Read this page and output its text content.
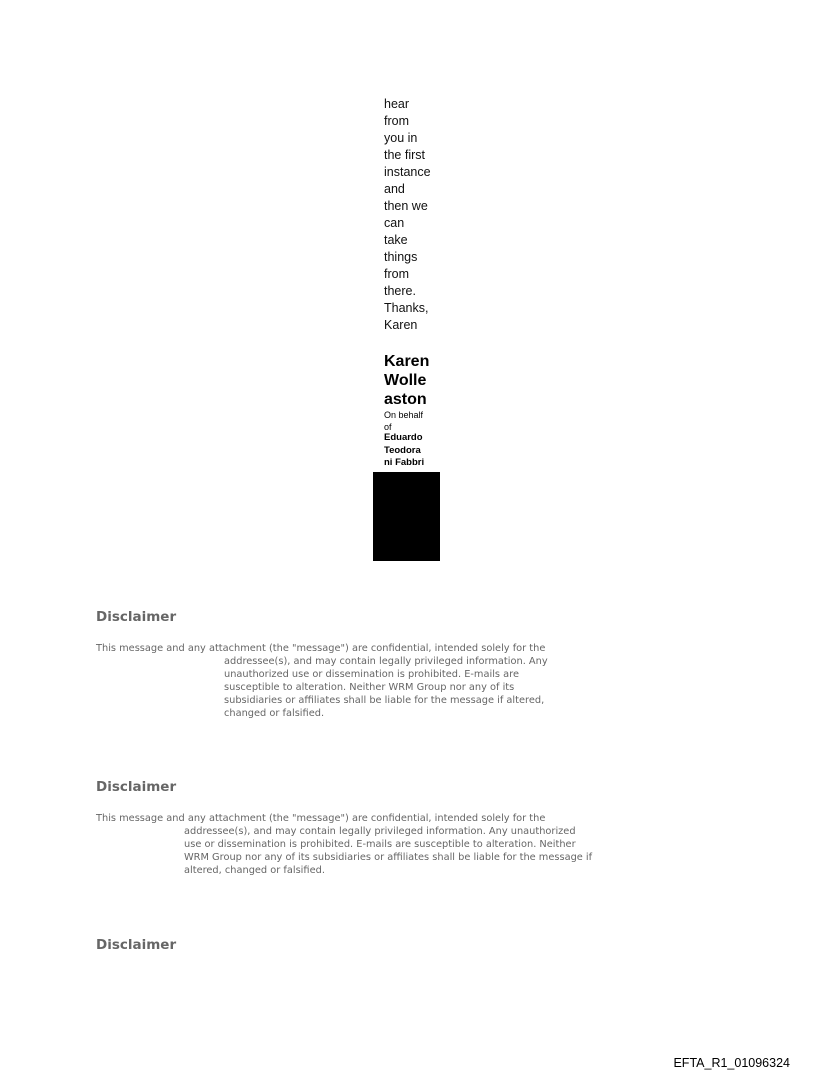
hear
from
you in
the first
instance
and
then we
can
take
things
from
there.
Thanks,
Karen
Karen
Wolle
aston
On behalf
of
Eduardo
Teodora
ni Fabbri
Disclaimer
This message and any attachment (the "message") are confidential, intended solely for the
addressee(s), and may contain legally privileged information. Any
unauthorized use or dissemination is prohibited. E-mails are
susceptible to alteration. Neither WRM Group nor any of its
subsidiaries or affiliates shall be liable for the message if altered,
changed or falsified.
Disclaimer
This message and any attachment (the "message") are confidential, intended solely for the
addressee(s), and may contain legally privileged information. Any unauthorized
use or dissemination is prohibited. E-mails are susceptible to alteration. Neither
WRM Group nor any of its subsidiaries or affiliates shall be liable for the message if
altered, changed or falsified.
Disclaimer
EFTA_R1_01096324
